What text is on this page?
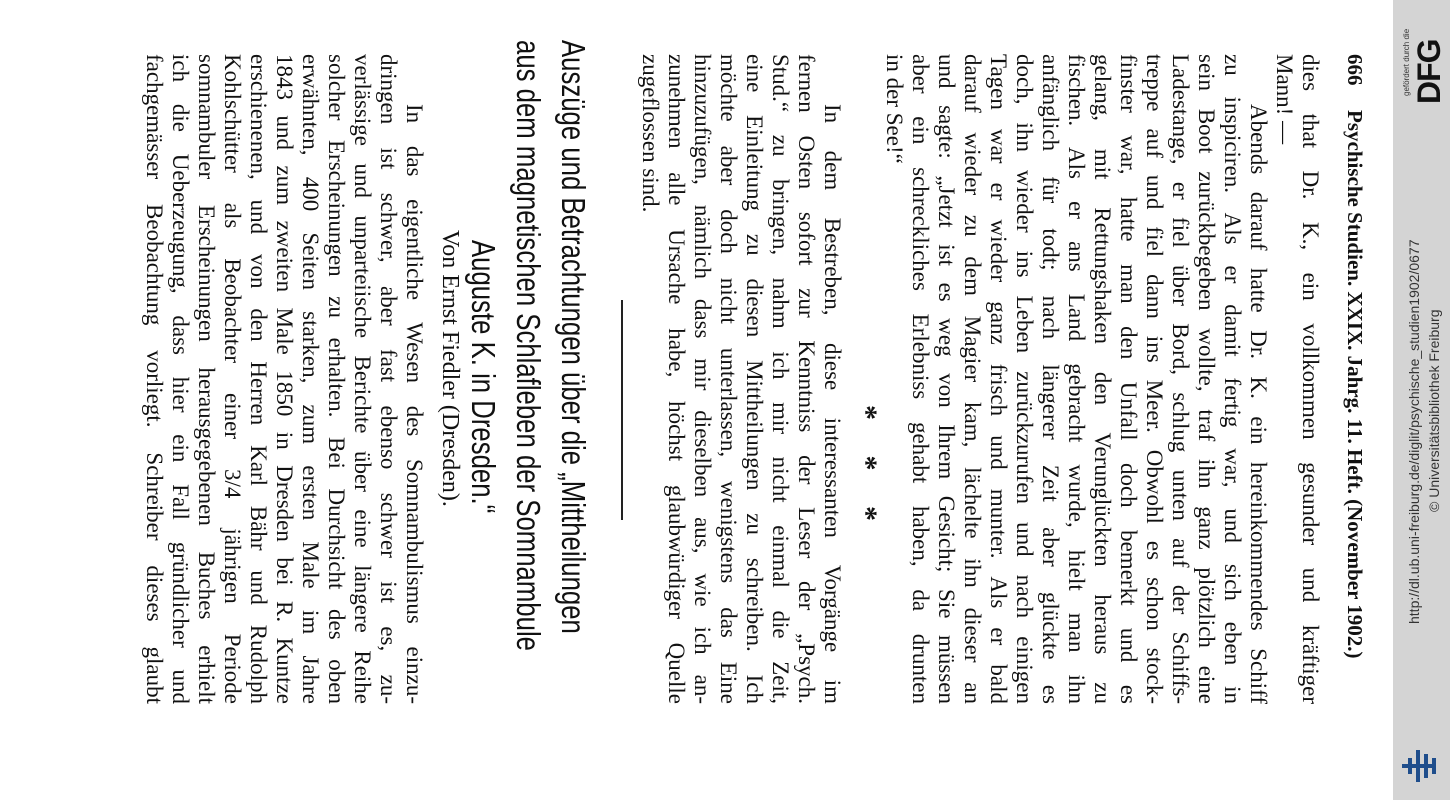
666
Psychische Studien. XXIX. Jahrg. 11. Heft. (November 1902.)
dies that Dr. K., ein vollkommen gesunder und kräftiger
Mann! —
Abends darauf hatte Dr. K. ein hereinkommendes Schiff
zu inspiciren. Als er damit fertig war, und sich eben in
sein Boot zurückbegeben wollte, traf ihn ganz plötzlich eine
Ladestange, er fiel über Bord, schlug unten auf der Schiffs-
treppe auf und fiel dann ins Meer. Obwohl es schon stock-
finster war, hatte man den Unfall doch bemerkt und es
gelang, mit Rettungshaken den Verunglückten heraus zu
fischen. Als er ans Land gebracht wurde, hielt man ihn
anfänglich für todt; nach längerer Zeit aber glückte es
doch, ihn wieder ins Leben zurückzurufen und nach einigen
Tagen war er wieder ganz frisch und munter. Als er bald
darauf wieder zu dem Magier kam, lächelte ihn dieser an
und sagte: „Jetzt ist es weg von Ihrem Gesicht; Sie müssen
aber ein schreckliches Erlebniss gehabt haben, da drunten
in der See!“
* * *
In dem Bestreben, diese interessanten Vorgänge im
fernen Osten sofort zur Kenntniss der Leser der „Psych.
Stud.“ zu bringen, nahm ich mir nicht einmal die Zeit,
eine Einleitung zu diesen Mittheilungen zu schreiben. Ich
möchte aber doch nicht unterlassen, wenigstens das Eine
hinzuzufügen, nämlich dass mir dieselben aus, wie ich an-
zunehmen alle Ursache habe, höchst glaubwürdiger Quelle
zugeflossen sind.
Auszüge und Betrachtungen über die „Mittheilungen
aus dem magnetischen Schlafleben der Somnambule
Auguste K. in Dresden.“
Von Ernst Fiedler (Dresden).
In das eigentliche Wesen des Somnambulismus einzu-
dringen ist schwer, aber fast ebenso schwer ist es, zu-
verlässige und unparteiische Berichte über eine längere Reihe
solcher Erscheinungen zu erhalten. Bei Durchsicht des oben
erwähnten, 400 Seiten starken, zum ersten Male im Jahre
1843 und zum zweiten Male 1850 in Dresden bei R. Kuntze
erschienenen, und von den Herren Karl Bähr und Rudolph
Kohlschütter als Beobachter einer 3/4 jährigen Periode
somnambuler Erscheinungen herausgegebenen Buches erhielt
ich die Ueberzeugung, dass hier ein Fall gründlicher und
fachgemässer Beobachtung vorliegt. Schreiber dieses glaubt	gefördert durch die DFG
http://dl.ub.uni-freiburg.de/diglit/psychische_studien1902/0677 © Universitätsbibliothek Freiburg
